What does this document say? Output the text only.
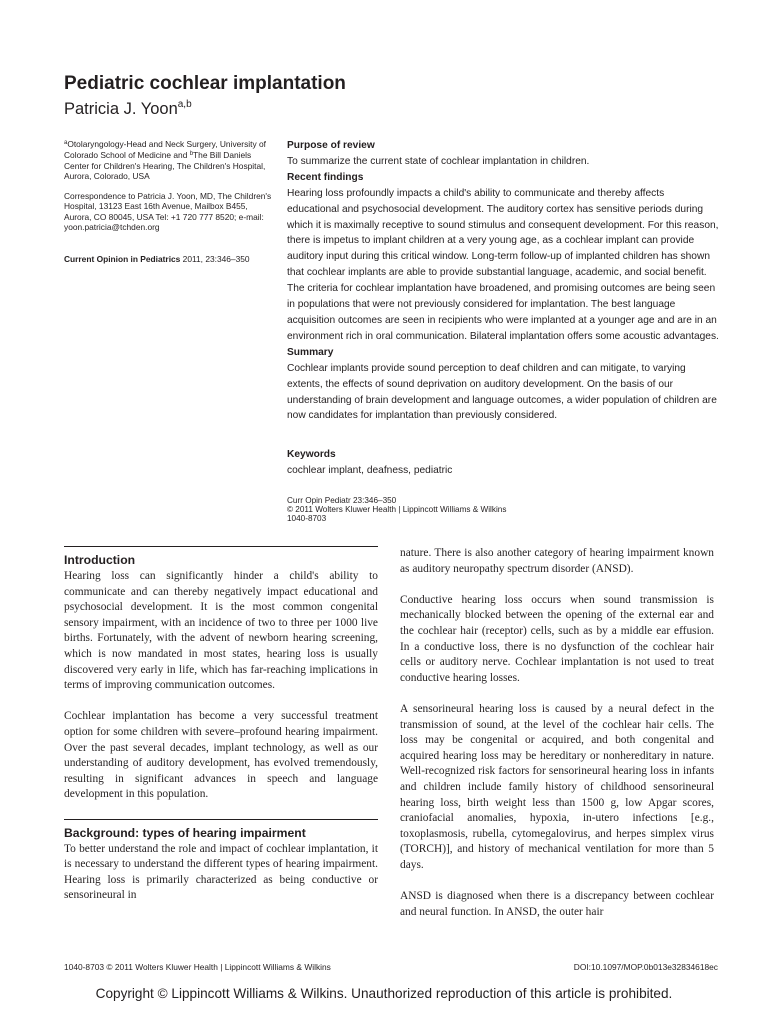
Pediatric cochlear implantation
Patricia J. Yoon$^{a,b}$
$^a$Otolaryngology-Head and Neck Surgery, University of Colorado School of Medicine and $^b$The Bill Daniels Center for Children's Hearing, The Children's Hospital, Aurora, Colorado, USA
Correspondence to Patricia J. Yoon, MD, The Children's Hospital, 13123 East 16th Avenue, Mailbox B455, Aurora, CO 80045, USA Tel: +1 720 777 8520; e-mail: yoon.patricia@tchden.org
Current Opinion in Pediatrics 2011, 23:346–350

Purpose of review

To summarize the current state of cochlear implantation in children.

Recent findings

Hearing loss profoundly impacts a child's ability to communicate and thereby affects educational and psychosocial development. The auditory cortex has sensitive periods during which it is maximally receptive to sound stimulus and consequent development. For this reason, there is impetus to implant children at a very young age, as a cochlear implant can provide auditory input during this critical window. Long-term follow-up of implanted children has shown that cochlear implants are able to provide substantial language, academic, and social benefit. The criteria for cochlear implantation have broadened, and promising outcomes are being seen in populations that were not previously considered for implantation. The best language acquisition outcomes are seen in recipients who were implanted at a younger age and are in an environment rich in oral communication. Bilateral implantation offers some acoustic advantages.

Summary

Cochlear implants provide sound perception to deaf children and can mitigate, to varying extents, the effects of sound deprivation on auditory development. On the basis of our understanding of brain development and language outcomes, a wider population of children are now candidates for implantation than previously considered.

Keywords
cochlear implant, deafness, pediatric
Curr Opin Pediatr 23:346–350
© 2011 Wolters Kluwer Health | Lippincott Williams & Wilkins
1040-8703
Introduction

Hearing loss can significantly hinder a child's ability to communicate and can thereby negatively impact educational and psychosocial development. It is the most common congenital sensory impairment, with an incidence of two to three per 1000 live births. Fortunately, with the advent of newborn hearing screening, which is now mandated in most states, hearing loss is usually discovered very early in life, which has far-reaching implications in terms of improving communication outcomes.

Cochlear implantation has become a very successful treatment option for some children with severe–profound hearing impairment. Over the past several decades, implant technology, as well as our understanding of auditory development, has evolved tremendously, resulting in significant advances in speech and language development in this population.

Background: types of hearing impairment

To better understand the role and impact of cochlear implantation, it is necessary to understand the different types of hearing impairment. Hearing loss is primarily characterized as being conductive or sensorineural in

nature. There is also another category of hearing impairment known as auditory neuropathy spectrum disorder (ANSD).

Conductive hearing loss occurs when sound transmission is mechanically blocked between the opening of the external ear and the cochlear hair (receptor) cells, such as by a middle ear effusion. In a conductive loss, there is no dysfunction of the cochlear hair cells or auditory nerve. Cochlear implantation is not used to treat conductive hearing losses.

A sensorineural hearing loss is caused by a neural defect in the transmission of sound, at the level of the cochlear hair cells. The loss may be congenital or acquired, and both congenital and acquired hearing loss may be hereditary or nonhereditary in nature. Well-recognized risk factors for sensorineural hearing loss in infants and children include family history of childhood sensorineural hearing loss, birth weight less than 1500 g, low Apgar scores, craniofacial anomalies, hypoxia, in-utero infections [e.g., toxoplasmosis, rubella, cytomegalovirus, and herpes simplex virus (TORCH)], and history of mechanical ventilation for more than 5 days.

ANSD is diagnosed when there is a discrepancy between cochlear and neural function. In ANSD, the outer hair

1040-8703 © 2011 Wolters Kluwer Health | Lippincott Williams & Wilkins	DOI:10.1097/MOP.0b013e32834618ec
Copyright © Lippincott Williams & Wilkins. Unauthorized reproduction of this article is prohibited.
